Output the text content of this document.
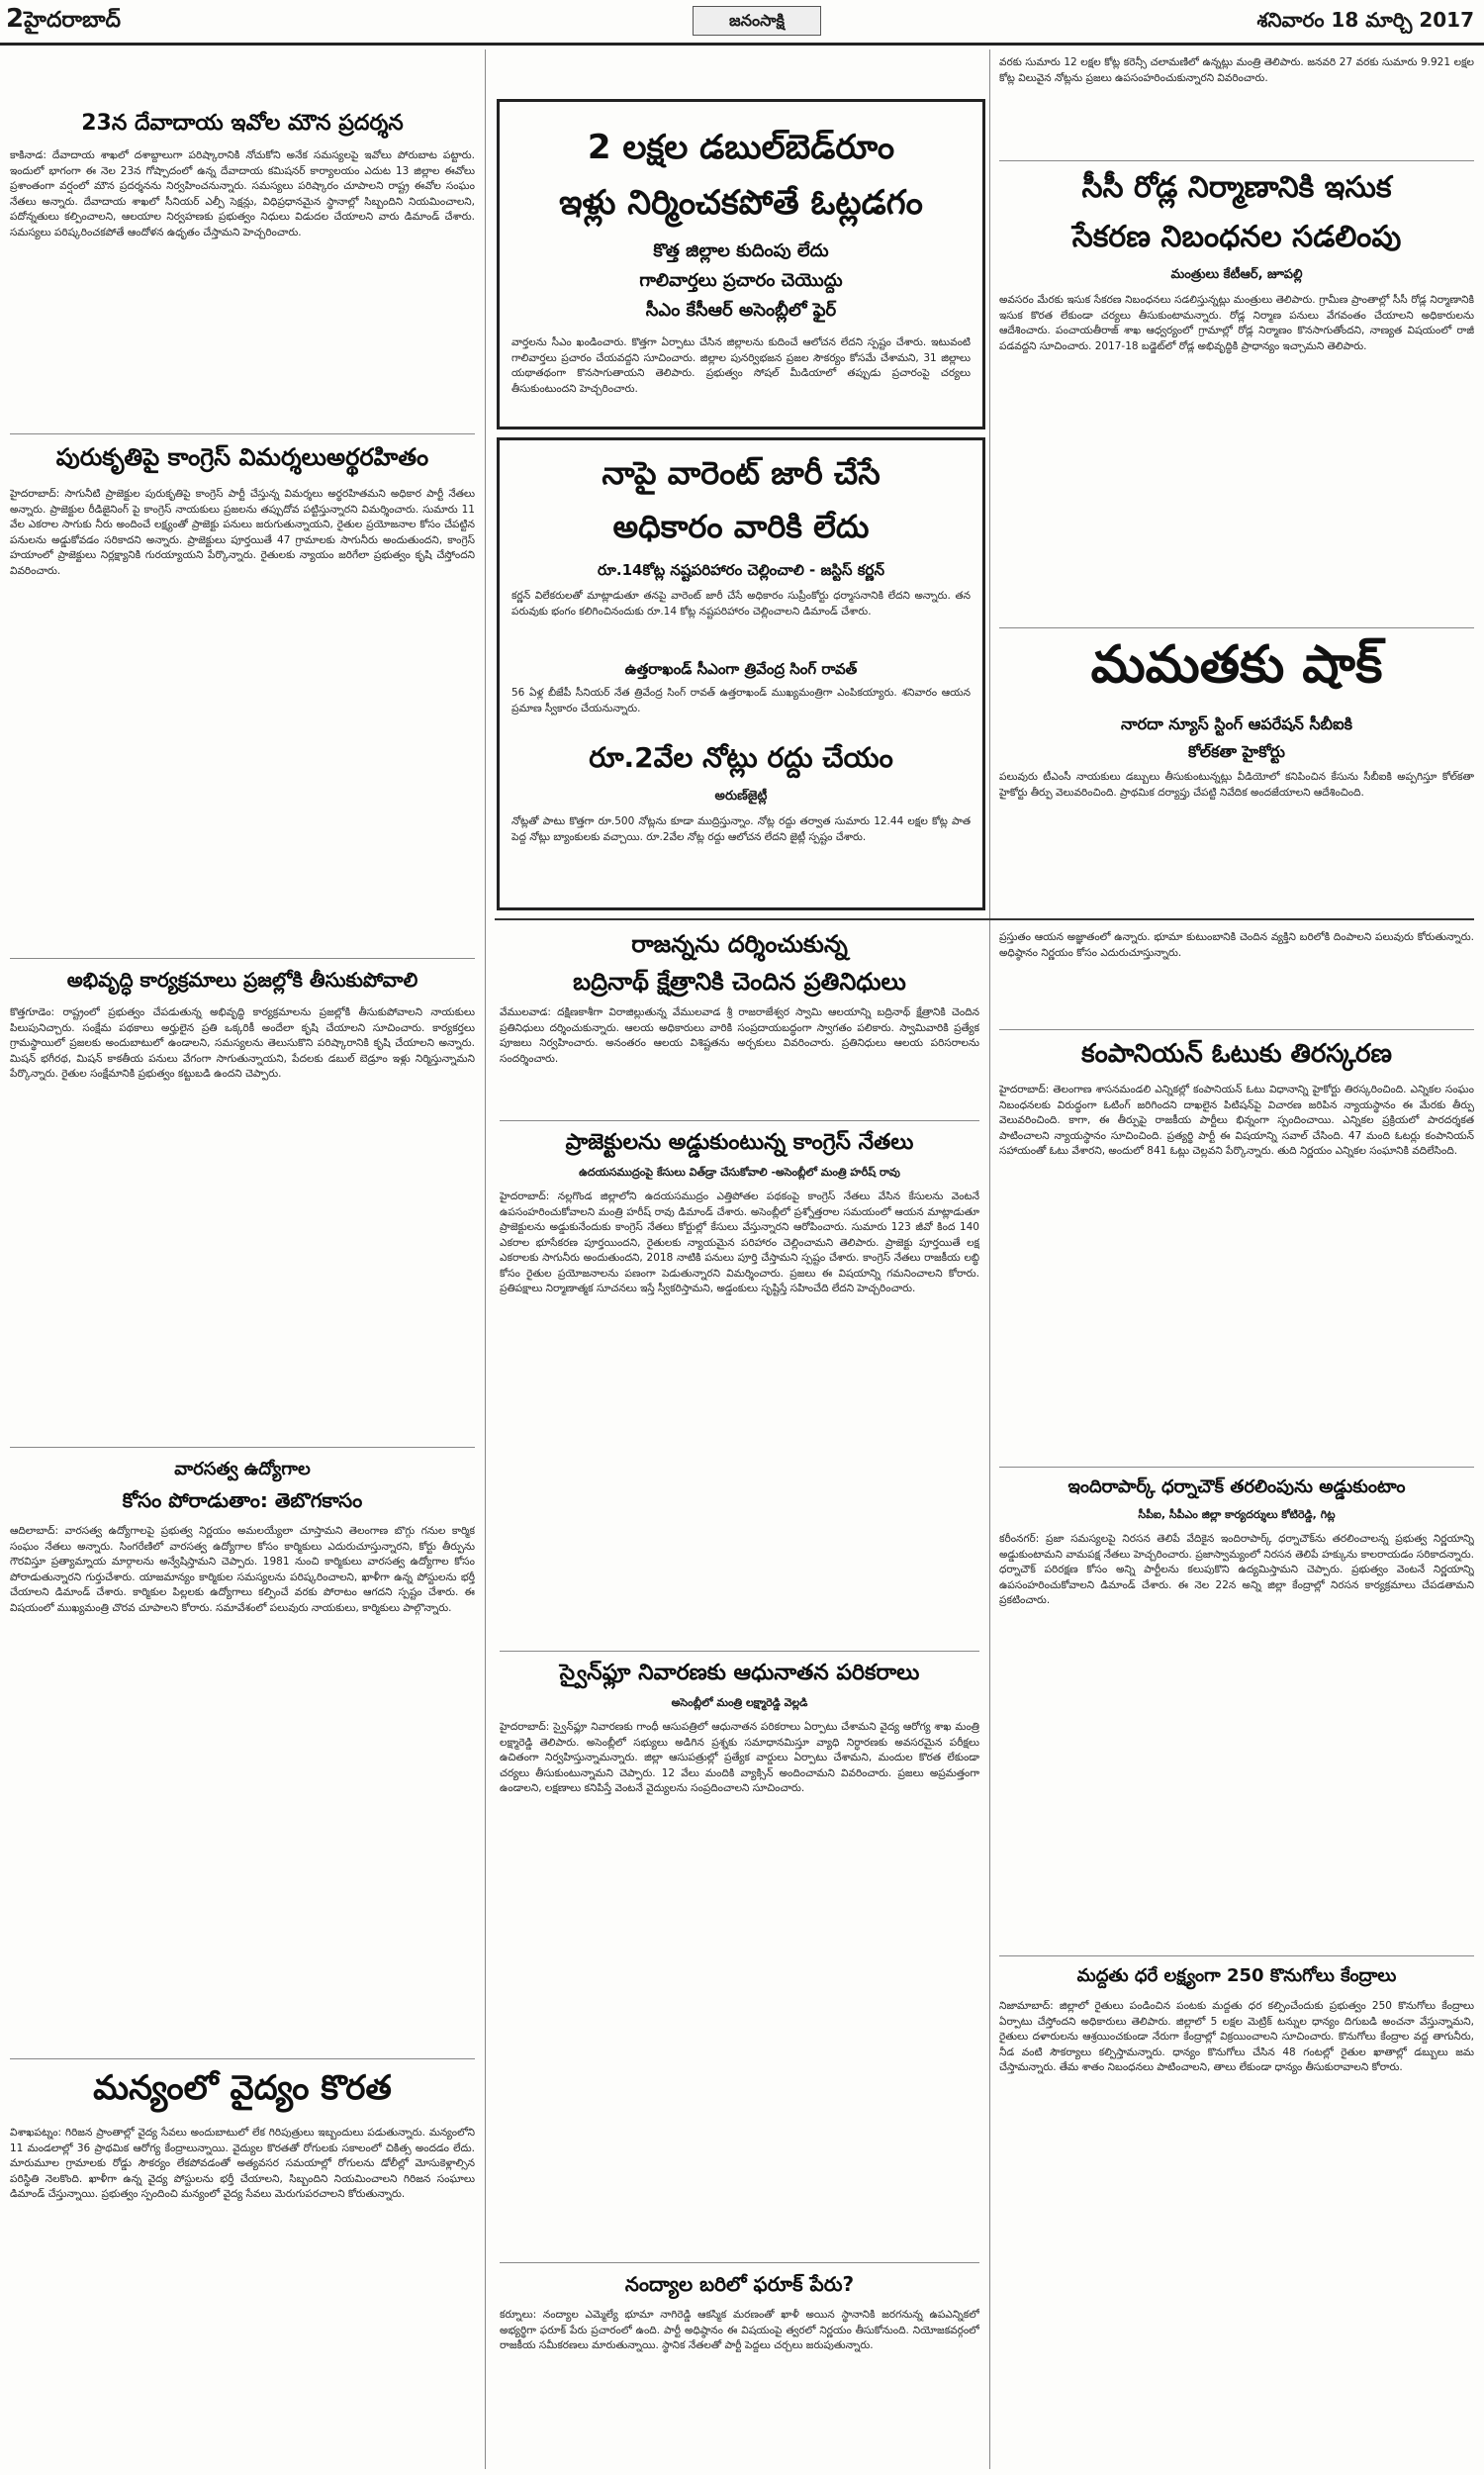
2హైదరాబాద్	జనంసాక్షి	శనివారం 18 మార్చి 2017
23న దేవాదాయ ఇవోల మౌన ప్రదర్శన
కాకినాడ: దేవాదాయ శాఖలో దశాబ్దాలుగా పరిష్కారానికి నోచుకోని అనేక సమస్యలపై ఇవోలు పోరుబాట పట్టారు. ఇందులో భాగంగా ఈ నెల 23న గోష్పాదంలో ఉన్న దేవాదాయ కమిషనర్ కార్యాలయం ఎదుట 13 జిల్లాల ఈవోలు ప్రశాంతంగా వర్షంలో మౌన ప్రదర్శనను నిర్వహించనున్నారు. సమస్యలు పరిష్కారం చూపాలని రాష్ట్ర ఈవోల సంఘం నేతలు అన్నారు. దేవాదాయ శాఖలో సీనియర్ ఎల్పీ సెక్షన్లు, విధిప్రధానమైన స్థానాల్లో సిబ్బందిని నియమించాలని, పదోన్నతులు కల్పించాలని, ఆలయాల నిర్వహణకు ప్రభుత్వం నిధులు విడుదల చేయాలని వారు డిమాండ్ చేశారు. సమస్యలు పరిష్కరించకపోతే ఆందోళన ఉధృతం చేస్తామని హెచ్చరించారు.
పురుకృతిపై కాంగ్రెస్ విమర్శలుఅర్థరహితం
హైదరాబాద్: సాగునీటి ప్రాజెక్టుల పురుకృతిపై కాంగ్రెస్ పార్టీ చేస్తున్న విమర్శలు అర్థరహితమని అధికార పార్టీ నేతలు అన్నారు. ప్రాజెక్టుల రీడిజైనింగ్ పై కాంగ్రెస్ నాయకులు ప్రజలను తప్పుదోవ పట్టిస్తున్నారని విమర్శించారు. సుమారు 11 వేల ఎకరాల సాగుకు నీరు అందించే లక్ష్యంతో ప్రాజెక్టు పనులు జరుగుతున్నాయని, రైతుల ప్రయోజనాల కోసం చేపట్టిన పనులను అడ్డుకోవడం సరికాదని అన్నారు. ప్రాజెక్టులు పూర్తయితే 47 గ్రామాలకు సాగునీరు అందుతుందని, కాంగ్రెస్ హయాంలో ప్రాజెక్టులు నిర్లక్ష్యానికి గురయ్యాయని పేర్కొన్నారు. రైతులకు న్యాయం జరిగేలా ప్రభుత్వం కృషి చేస్తోందని వివరించారు.
అభివృద్ధి కార్యక్రమాలు ప్రజల్లోకి తీసుకుపోవాలి
కొత్తగూడెం: రాష్ట్రంలో ప్రభుత్వం చేపడుతున్న అభివృద్ధి కార్యక్రమాలను ప్రజల్లోకి తీసుకుపోవాలని నాయకులు పిలుపునిచ్చారు. సంక్షేమ పథకాలు అర్హులైన ప్రతి ఒక్కరికీ అందేలా కృషి చేయాలని సూచించారు. కార్యకర్తలు గ్రామస్థాయిలో ప్రజలకు అందుబాటులో ఉండాలని, సమస్యలను తెలుసుకొని పరిష్కారానికి కృషి చేయాలని అన్నారు. మిషన్ భగీరథ, మిషన్ కాకతీయ పనులు వేగంగా సాగుతున్నాయని, పేదలకు డబుల్ బెడ్రూం ఇళ్లు నిర్మిస్తున్నామని పేర్కొన్నారు. రైతుల సంక్షేమానికి ప్రభుత్వం కట్టుబడి ఉందని చెప్పారు.
వారసత్వ ఉద్యోగాల
కోసం పోరాడుతాం: తెబొగకాసం
ఆదిలాబాద్: వారసత్వ ఉద్యోగాలపై ప్రభుత్వ నిర్ణయం అమలయ్యేలా చూస్తామని తెలంగాణ బొగ్గు గనుల కార్మిక సంఘం నేతలు అన్నారు. సింగరేణిలో వారసత్వ ఉద్యోగాల కోసం కార్మికులు ఎదురుచూస్తున్నారని, కోర్టు తీర్పును గౌరవిస్తూ ప్రత్యామ్నాయ మార్గాలను అన్వేషిస్తామని చెప్పారు. 1981 నుంచి కార్మికులు వారసత్వ ఉద్యోగాల కోసం పోరాడుతున్నారని గుర్తుచేశారు. యాజమాన్యం కార్మికుల సమస్యలను పరిష్కరించాలని, ఖాళీగా ఉన్న పోస్టులను భర్తీ చేయాలని డిమాండ్ చేశారు. కార్మికుల పిల్లలకు ఉద్యోగాలు కల్పించే వరకు పోరాటం ఆగదని స్పష్టం చేశారు. ఈ విషయంలో ముఖ్యమంత్రి చొరవ చూపాలని కోరారు. సమావేశంలో పలువురు నాయకులు, కార్మికులు పాల్గొన్నారు.
మన్యంలో వైద్యం కొరత
విశాఖపట్నం: గిరిజన ప్రాంతాల్లో వైద్య సేవలు అందుబాటులో లేక గిరిపుత్రులు ఇబ్బందులు పడుతున్నారు. మన్యంలోని 11 మండలాల్లో 36 ప్రాథమిక ఆరోగ్య కేంద్రాలున్నాయి. వైద్యుల కొరతతో రోగులకు సకాలంలో చికిత్స అందడం లేదు. మారుమూల గ్రామాలకు రోడ్డు సౌకర్యం లేకపోవడంతో అత్యవసర సమయాల్లో రోగులను డోలీల్లో మోసుకెళ్లాల్సిన పరిస్థితి నెలకొంది. ఖాళీగా ఉన్న వైద్య పోస్టులను భర్తీ చేయాలని, సిబ్బందిని నియమించాలని గిరిజన సంఘాలు డిమాండ్ చేస్తున్నాయి. ప్రభుత్వం స్పందించి మన్యంలో వైద్య సేవలు మెరుగుపరచాలని కోరుతున్నారు.
2 లక్షల డబుల్‌బెడ్‌రూం
ఇళ్లు నిర్మించకపోతే ఓట్లడగం
కొత్త జిల్లాల కుదింపు లేదు
గాలివార్తలు ప్రచారం చెయొద్దు
సీఎం కేసీఆర్ అసెంబ్లీలో ఫైర్
వార్తలను సీఎం ఖండించారు. కొత్తగా ఏర్పాటు చేసిన జిల్లాలను కుదించే ఆలోచన లేదని స్పష్టం చేశారు. ఇటువంటి గాలివార్తలు ప్రచారం చేయవద్దని సూచించారు. జిల్లాల పునర్విభజన ప్రజల సౌకర్యం కోసమే చేశామని, 31 జిల్లాలు యథాతథంగా కొనసాగుతాయని తెలిపారు. ప్రభుత్వం సోషల్ మీడియాలో తప్పుడు ప్రచారంపై చర్యలు తీసుకుంటుందని హెచ్చరించారు.
నాపై వారెంట్ జారీ చేసే
అధికారం వారికి లేదు
రూ.14కోట్ల నష్టపరిహారం చెల్లించాలి - జస్టిస్ కర్ణన్
కర్ణన్ విలేకరులతో మాట్లాడుతూ తనపై వారెంట్ జారీ చేసే అధికారం సుప్రీంకోర్టు ధర్మాసనానికి లేదని అన్నారు. తన పరువుకు భంగం కలిగించినందుకు రూ.14 కోట్ల నష్టపరిహారం చెల్లించాలని డిమాండ్ చేశారు.
ఉత్తరాఖండ్ సీఎంగా త్రివేంద్ర సింగ్ రావత్
56 ఏళ్ల బీజేపీ సీనియర్ నేత త్రివేంద్ర సింగ్ రావత్ ఉత్తరాఖండ్ ముఖ్యమంత్రిగా ఎంపికయ్యారు. శనివారం ఆయన ప్రమాణ స్వీకారం చేయనున్నారు.
రూ.2వేల నోట్లు రద్దు చేయం
అరుణ్‌జైట్లీ
నోట్లతో పాటు కొత్తగా రూ.500 నోట్లను కూడా ముద్రిస్తున్నాం. నోట్ల రద్దు తర్వాత సుమారు 12.44 లక్షల కోట్ల పాత పెద్ద నోట్లు బ్యాంకులకు వచ్చాయి. రూ.2వేల నోట్ల రద్దు ఆలోచన లేదని జైట్లీ స్పష్టం చేశారు.
వరకు సుమారు 12 లక్షల కోట్ల కరెన్సీ చలామణిలో ఉన్నట్లు మంత్రి తెలిపారు. జనవరి 27 వరకు సుమారు 9.921 లక్షల కోట్ల విలువైన నోట్లను ప్రజలు ఉపసంహరించుకున్నారని వివరించారు.
సీసీ రోడ్ల నిర్మాణానికి ఇసుక
సేకరణ నిబంధనల సడలింపు
మంత్రులు కేటీఆర్, జూపల్లి
అవసరం మేరకు ఇసుక సేకరణ నిబంధనలు సడలిస్తున్నట్లు మంత్రులు తెలిపారు. గ్రామీణ ప్రాంతాల్లో సీసీ రోడ్ల నిర్మాణానికి ఇసుక కొరత లేకుండా చర్యలు తీసుకుంటామన్నారు. రోడ్ల నిర్మాణ పనులు వేగవంతం చేయాలని అధికారులను ఆదేశించారు. పంచాయతీరాజ్ శాఖ ఆధ్వర్యంలో గ్రామాల్లో రోడ్ల నిర్మాణం కొనసాగుతోందని, నాణ్యత విషయంలో రాజీ పడవద్దని సూచించారు. 2017-18 బడ్జెట్‌లో రోడ్ల అభివృద్ధికి ప్రాధాన్యం ఇచ్చామని తెలిపారు.
మమతకు షాక్
నారదా న్యూస్ స్టింగ్ ఆపరేషన్ సీబీఐకి
కోల్‌కతా హైకోర్టు
పలువురు టీఎంసీ నాయకులు డబ్బులు తీసుకుంటున్నట్లు వీడియోలో కనిపించిన కేసును సీబీఐకి అప్పగిస్తూ కోల్‌కతా హైకోర్టు తీర్పు వెలువరించింది. ప్రాథమిక దర్యాప్తు చేపట్టి నివేదిక అందజేయాలని ఆదేశించింది.
రాజన్నను దర్శించుకున్న
బద్రినాథ్ క్షేత్రానికి చెందిన ప్రతినిధులు
వేములవాడ: దక్షిణకాశీగా విరాజిల్లుతున్న వేములవాడ శ్రీ రాజరాజేశ్వర స్వామి ఆలయాన్ని బద్రినాథ్ క్షేత్రానికి చెందిన ప్రతినిధులు దర్శించుకున్నారు. ఆలయ అధికారులు వారికి సంప్రదాయబద్ధంగా స్వాగతం పలికారు. స్వామివారికి ప్రత్యేక పూజలు నిర్వహించారు. అనంతరం ఆలయ విశిష్టతను అర్చకులు వివరించారు. ప్రతినిధులు ఆలయ పరిసరాలను సందర్శించారు.
ప్రాజెక్టులను అడ్డుకుంటున్న కాంగ్రెస్ నేతలు
ఉదయసముద్రంపై కేసులు విత్‌డ్రా చేసుకోవాలి -అసెంబ్లీలో మంత్రి హరీష్ రావు
హైదరాబాద్: నల్లగొండ జిల్లాలోని ఉదయసముద్రం ఎత్తిపోతల పథకంపై కాంగ్రెస్ నేతలు వేసిన కేసులను వెంటనే ఉపసంహరించుకోవాలని మంత్రి హరీష్ రావు డిమాండ్ చేశారు. అసెంబ్లీలో ప్రశ్నోత్తరాల సమయంలో ఆయన మాట్లాడుతూ ప్రాజెక్టులను అడ్డుకునేందుకు కాంగ్రెస్ నేతలు కోర్టుల్లో కేసులు వేస్తున్నారని ఆరోపించారు. సుమారు 123 జీవో కింద 140 ఎకరాల భూసేకరణ పూర్తయిందని, రైతులకు న్యాయమైన పరిహారం చెల్లించామని తెలిపారు. ప్రాజెక్టు పూర్తయితే లక్ష ఎకరాలకు సాగునీరు అందుతుందని, 2018 నాటికి పనులు పూర్తి చేస్తామని స్పష్టం చేశారు. కాంగ్రెస్ నేతలు రాజకీయ లబ్ధి కోసం రైతుల ప్రయోజనాలను పణంగా పెడుతున్నారని విమర్శించారు. ప్రజలు ఈ విషయాన్ని గమనించాలని కోరారు. ప్రతిపక్షాలు నిర్మాణాత్మక సూచనలు ఇస్తే స్వీకరిస్తామని, అడ్డంకులు సృష్టిస్తే సహించేది లేదని హెచ్చరించారు.
స్వైన్‌ఫ్లూ నివారణకు ఆధునాతన పరికరాలు
అసెంబ్లీలో మంత్రి లక్ష్మారెడ్డి వెల్లడి
హైదరాబాద్: స్వైన్‌ఫ్లూ నివారణకు గాంధీ ఆసుపత్రిలో ఆధునాతన పరికరాలు ఏర్పాటు చేశామని వైద్య ఆరోగ్య శాఖ మంత్రి లక్ష్మారెడ్డి తెలిపారు. అసెంబ్లీలో సభ్యులు అడిగిన ప్రశ్నకు సమాధానమిస్తూ వ్యాధి నిర్ధారణకు అవసరమైన పరీక్షలు ఉచితంగా నిర్వహిస్తున్నామన్నారు. జిల్లా ఆసుపత్రుల్లో ప్రత్యేక వార్డులు ఏర్పాటు చేశామని, మందుల కొరత లేకుండా చర్యలు తీసుకుంటున్నామని చెప్పారు. 12 వేలు మందికి వ్యాక్సిన్ అందించామని వివరించారు. ప్రజలు అప్రమత్తంగా ఉండాలని, లక్షణాలు కనిపిస్తే వెంటనే వైద్యులను సంప్రదించాలని సూచించారు.
నంద్యాల బరిలో ఫరూక్ పేరు?
కర్నూలు: నంద్యాల ఎమ్మెల్యే భూమా నాగిరెడ్డి ఆకస్మిక మరణంతో ఖాళీ అయిన స్థానానికి జరగనున్న ఉపఎన్నికలో అభ్యర్థిగా ఫరూక్ పేరు ప్రచారంలో ఉంది. పార్టీ అధిష్ఠానం ఈ విషయంపై త్వరలో నిర్ణయం తీసుకోనుంది. నియోజకవర్గంలో రాజకీయ సమీకరణలు మారుతున్నాయి. స్థానిక నేతలతో పార్టీ పెద్దలు చర్చలు జరుపుతున్నారు.
ప్రస్తుతం ఆయన అజ్ఞాతంలో ఉన్నారు. భూమా కుటుంబానికి చెందిన వ్యక్తిని బరిలోకి దింపాలని పలువురు కోరుతున్నారు. అధిష్ఠానం నిర్ణయం కోసం ఎదురుచూస్తున్నారు.
కంపానియన్ ఓటుకు తిరస్కరణ
హైదరాబాద్: తెలంగాణ శాసనమండలి ఎన్నికల్లో కంపానియన్ ఓటు విధానాన్ని హైకోర్టు తిరస్కరించింది. ఎన్నికల సంఘం నిబంధనలకు విరుద్ధంగా ఓటింగ్ జరిగిందని దాఖలైన పిటిషన్‌పై విచారణ జరిపిన న్యాయస్థానం ఈ మేరకు తీర్పు వెలువరించింది. కాగా, ఈ తీర్పుపై రాజకీయ పార్టీలు భిన్నంగా స్పందించాయి. ఎన్నికల ప్రక్రియలో పారదర్శకత పాటించాలని న్యాయస్థానం సూచించింది. ప్రత్యర్థి పార్టీ ఈ విషయాన్ని సవాల్ చేసింది. 47 మంది ఓటర్లు కంపానియన్ సహాయంతో ఓటు వేశారని, అందులో 841 ఓట్లు చెల్లవని పేర్కొన్నారు. తుది నిర్ణయం ఎన్నికల సంఘానికి వదిలేసింది.
ఇందిరాపార్క్ ధర్నాచౌక్ తరలింపును అడ్డుకుంటాం
సీపీఐ, సీపీఎం జిల్లా కార్యదర్శులు కోటిరెడ్డి, గిట్ల
కరీంనగర్: ప్రజా సమస్యలపై నిరసన తెలిపే వేదికైన ఇందిరాపార్క్ ధర్నాచౌక్‌ను తరలించాలన్న ప్రభుత్వ నిర్ణయాన్ని అడ్డుకుంటామని వామపక్ష నేతలు హెచ్చరించారు. ప్రజాస్వామ్యంలో నిరసన తెలిపే హక్కును కాలరాయడం సరికాదన్నారు. ధర్నాచౌక్ పరిరక్షణ కోసం అన్ని పార్టీలను కలుపుకొని ఉద్యమిస్తామని చెప్పారు. ప్రభుత్వం వెంటనే నిర్ణయాన్ని ఉపసంహరించుకోవాలని డిమాండ్ చేశారు. ఈ నెల 22న అన్ని జిల్లా కేంద్రాల్లో నిరసన కార్యక్రమాలు చేపడతామని ప్రకటించారు.
మద్దతు ధరే లక్ష్యంగా 250 కొనుగోలు కేంద్రాలు
నిజామాబాద్: జిల్లాలో రైతులు పండించిన పంటకు మద్దతు ధర కల్పించేందుకు ప్రభుత్వం 250 కొనుగోలు కేంద్రాలు ఏర్పాటు చేస్తోందని అధికారులు తెలిపారు. జిల్లాలో 5 లక్షల మెట్రిక్ టన్నుల ధాన్యం దిగుబడి అంచనా వేస్తున్నామని, రైతులు దళారులను ఆశ్రయించకుండా నేరుగా కేంద్రాల్లో విక్రయించాలని సూచించారు. కొనుగోలు కేంద్రాల వద్ద తాగునీరు, నీడ వంటి సౌకర్యాలు కల్పిస్తామన్నారు. ధాన్యం కొనుగోలు చేసిన 48 గంటల్లో రైతుల ఖాతాల్లో డబ్బులు జమ చేస్తామన్నారు. తేమ శాతం నిబంధనలు పాటించాలని, తాలు లేకుండా ధాన్యం తీసుకురావాలని కోరారు.
